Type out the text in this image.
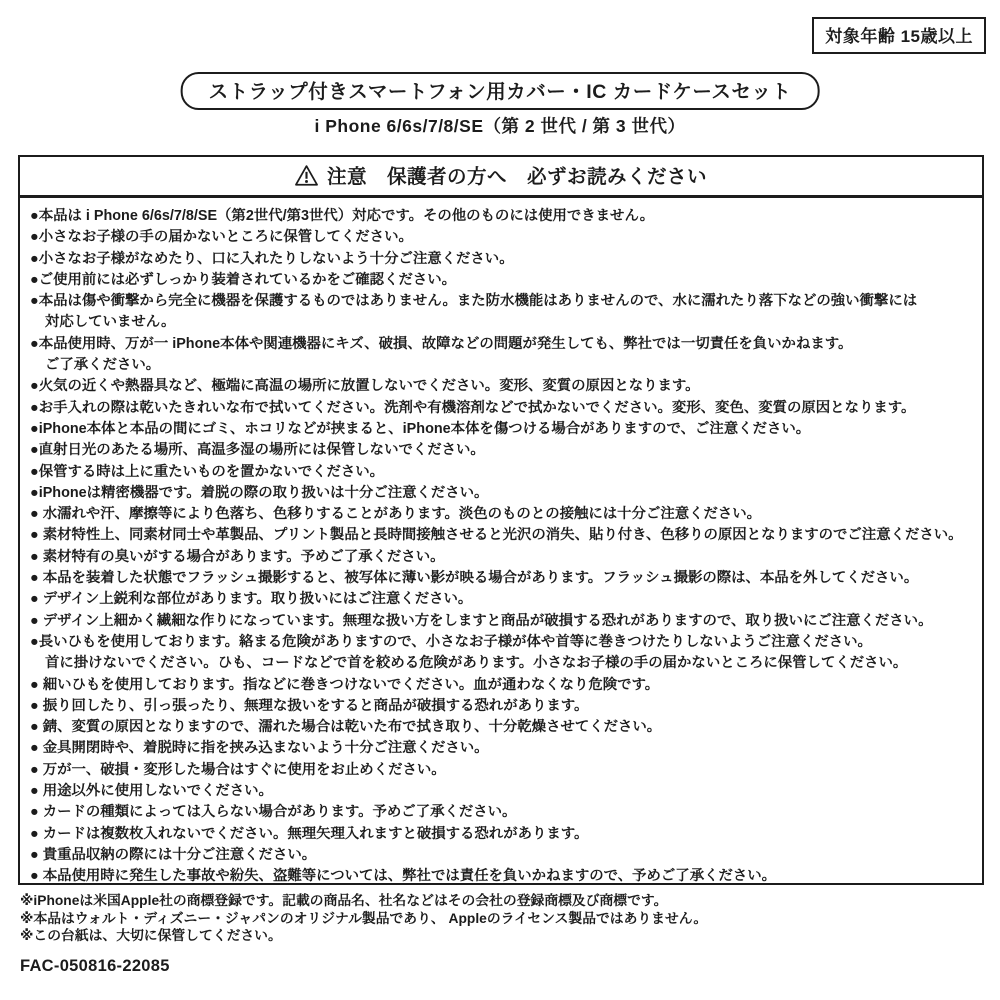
対象年齢 15歳以上
ストラップ付きスマートフォン用カバー・IC カードケースセット
i Phone 6/6s/7/8/SE（第 2 世代 / 第 3 世代）
注意　保護者の方へ　必ずお読みください
●本品は i Phone 6/6s/7/8/SE（第2世代/第3世代）対応です。その他のものには使用できません。
●小さなお子様の手の届かないところに保管してください。
●小さなお子様がなめたり、口に入れたりしないよう十分ご注意ください。
●ご使用前には必ずしっかり装着されているかをご確認ください。
●本品は傷や衝撃から完全に機器を保護するものではありません。また防水機能はありませんので、水に濡れたり落下などの強い衝撃には
対応していません。
●本品使用時、万が一 iPhone本体や関連機器にキズ、破損、故障などの問題が発生しても、弊社では一切責任を負いかねます。
ご了承ください。
●火気の近くや熱器具など、極端に高温の場所に放置しないでください。変形、変質の原因となります。
●お手入れの際は乾いたきれいな布で拭いてください。洗剤や有機溶剤などで拭かないでください。変形、変色、変質の原因となります。
●iPhone本体と本品の間にゴミ、ホコリなどが挟まると、iPhone本体を傷つける場合がありますので、ご注意ください。
●直射日光のあたる場所、高温多湿の場所には保管しないでください。
●保管する時は上に重たいものを置かないでください。
●iPhoneは精密機器です。着脱の際の取り扱いは十分ご注意ください。
● 水濡れや汗、摩擦等により色落ち、色移りすることがあります。淡色のものとの接触には十分ご注意ください。
● 素材特性上、同素材同士や革製品、プリント製品と長時間接触させると光沢の消失、貼り付き、色移りの原因となりますのでご注意ください。
● 素材特有の臭いがする場合があります。予めご了承ください。
● 本品を装着した状態でフラッシュ撮影すると、被写体に薄い影が映る場合があります。フラッシュ撮影の際は、本品を外してください。
● デザイン上鋭利な部位があります。取り扱いにはご注意ください。
● デザイン上細かく繊細な作りになっています。無理な扱い方をしますと商品が破損する恐れがありますので、取り扱いにご注意ください。
●長いひもを使用しております。絡まる危険がありますので、小さなお子様が体や首等に巻きつけたりしないようご注意ください。
首に掛けないでください。ひも、コードなどで首を絞める危険があります。小さなお子様の手の届かないところに保管してください。
● 細いひもを使用しております。指などに巻きつけないでください。血が通わなくなり危険です。
● 振り回したり、引っ張ったり、無理な扱いをすると商品が破損する恐れがあります。
● 錆、変質の原因となりますので、濡れた場合は乾いた布で拭き取り、十分乾燥させてください。
● 金具開閉時や、着脱時に指を挟み込まないよう十分ご注意ください。
● 万が一、破損・変形した場合はすぐに使用をお止めください。
● 用途以外に使用しないでください。
● カードの種類によっては入らない場合があります。予めご了承ください。
● カードは複数枚入れないでください。無理矢理入れますと破損する恐れがあります。
● 貴重品収納の際には十分ご注意ください。
● 本品使用時に発生した事故や紛失、盗難等については、弊社では責任を負いかねますので、予めご了承ください。
※iPhoneは米国Apple社の商標登録です。記載の商品名、社名などはその会社の登録商標及び商標です。
※本品はウォルト・ディズニー・ジャパンのオリジナル製品であり、 Appleのライセンス製品ではありません。
※この台紙は、大切に保管してください。
FAC-050816-22085
